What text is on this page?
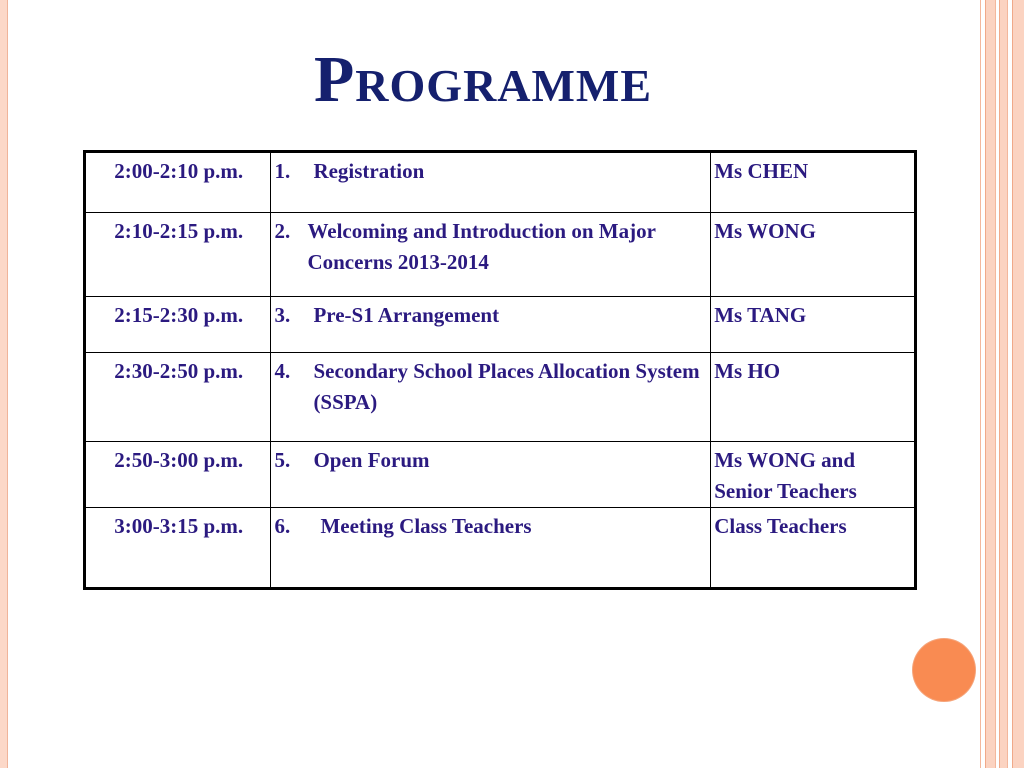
Programme
2:00-2:10 p.m.	1. Registration	Ms CHEN
2:10-2:15 p.m.	2. Welcoming and Introduction on Major Concerns 2013-2014	Ms WONG
2:15-2:30 p.m.	3. Pre-S1 Arrangement	Ms TANG
2:30-2:50 p.m.	4. Secondary School Places Allocation System (SSPA)	Ms HO
2:50-3:00 p.m.	5. Open Forum	Ms WONG and Senior Teachers
3:00-3:15 p.m.	6. Meeting Class Teachers	Class Teachers
